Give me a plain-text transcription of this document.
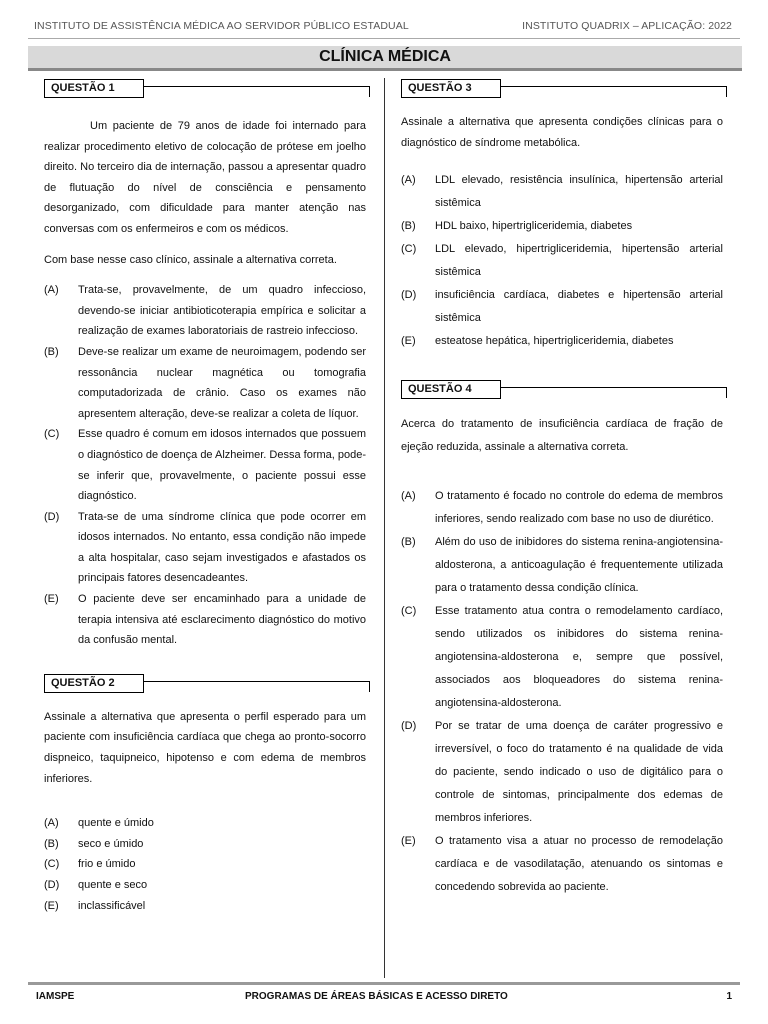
INSTITUTO DE ASSISTÊNCIA MÉDICA AO SERVIDOR PÚBLICO ESTADUAL	INSTITUTO QUADRIX – APLICAÇÃO: 2022
CLÍNICA MÉDICA
QUESTÃO 1

Um paciente de 79 anos de idade foi internado para realizar procedimento eletivo de colocação de prótese em joelho direito. No terceiro dia de internação, passou a apresentar quadro de flutuação do nível de consciência e pensamento desorganizado, com dificuldade para manter atenção nas conversas com os enfermeiros e com os médicos.

Com base nesse caso clínico, assinale a alternativa correta.

(A) Trata-se, provavelmente, de um quadro infeccioso, devendo-se iniciar antibioticoterapia empírica e solicitar a realização de exames laboratoriais de rastreio infeccioso.
(B) Deve-se realizar um exame de neuroimagem, podendo ser ressonância nuclear magnética ou tomografia computadorizada de crânio. Caso os exames não apresentem alteração, deve-se realizar a coleta de líquor.
(C) Esse quadro é comum em idosos internados que possuem o diagnóstico de doença de Alzheimer. Dessa forma, pode-se inferir que, provavelmente, o paciente possui esse diagnóstico.
(D) Trata-se de uma síndrome clínica que pode ocorrer em idosos internados. No entanto, essa condição não impede a alta hospitalar, caso sejam investigados e afastados os principais fatores desencadeantes.
(E) O paciente deve ser encaminhado para a unidade de terapia intensiva até esclarecimento diagnóstico do motivo da confusão mental.
QUESTÃO 2

Assinale a alternativa que apresenta o perfil esperado para um paciente com insuficiência cardíaca que chega ao pronto-socorro dispneico, taquipneico, hipotenso e com edema de membros inferiores.

(A) quente e úmido
(B) seco e úmido
(C) frio e úmido
(D) quente e seco
(E) inclassificável
QUESTÃO 3

Assinale a alternativa que apresenta condições clínicas para o diagnóstico de síndrome metabólica.

(A) LDL elevado, resistência insulínica, hipertensão arterial sistêmica
(B) HDL baixo, hipertrigliceridemia, diabetes
(C) LDL elevado, hipertrigliceridemia, hipertensão arterial sistêmica
(D) insuficiência cardíaca, diabetes e hipertensão arterial sistêmica
(E) esteatose hepática, hipertrigliceridemia, diabetes
QUESTÃO 4

Acerca do tratamento de insuficiência cardíaca de fração de ejeção reduzida, assinale a alternativa correta.

(A) O tratamento é focado no controle do edema de membros inferiores, sendo realizado com base no uso de diurético.
(B) Além do uso de inibidores do sistema renina-angiotensina-aldosterona, a anticoagulação é frequentemente utilizada para o tratamento dessa condição clínica.
(C) Esse tratamento atua contra o remodelamento cardíaco, sendo utilizados os inibidores do sistema renina-angiotensina-aldosterona e, sempre que possível, associados aos bloqueadores do sistema renina-angiotensina-aldosterona.
(D) Por se tratar de uma doença de caráter progressivo e irreversível, o foco do tratamento é na qualidade de vida do paciente, sendo indicado o uso de digitálico para o controle de sintomas, principalmente dos edemas de membros inferiores.
(E) O tratamento visa a atuar no processo de remodelação cardíaca e de vasodilatação, atenuando os sintomas e concedendo sobrevida ao paciente.
IAMSPE	PROGRAMAS DE ÁREAS BÁSICAS E ACESSO DIRETO	1
